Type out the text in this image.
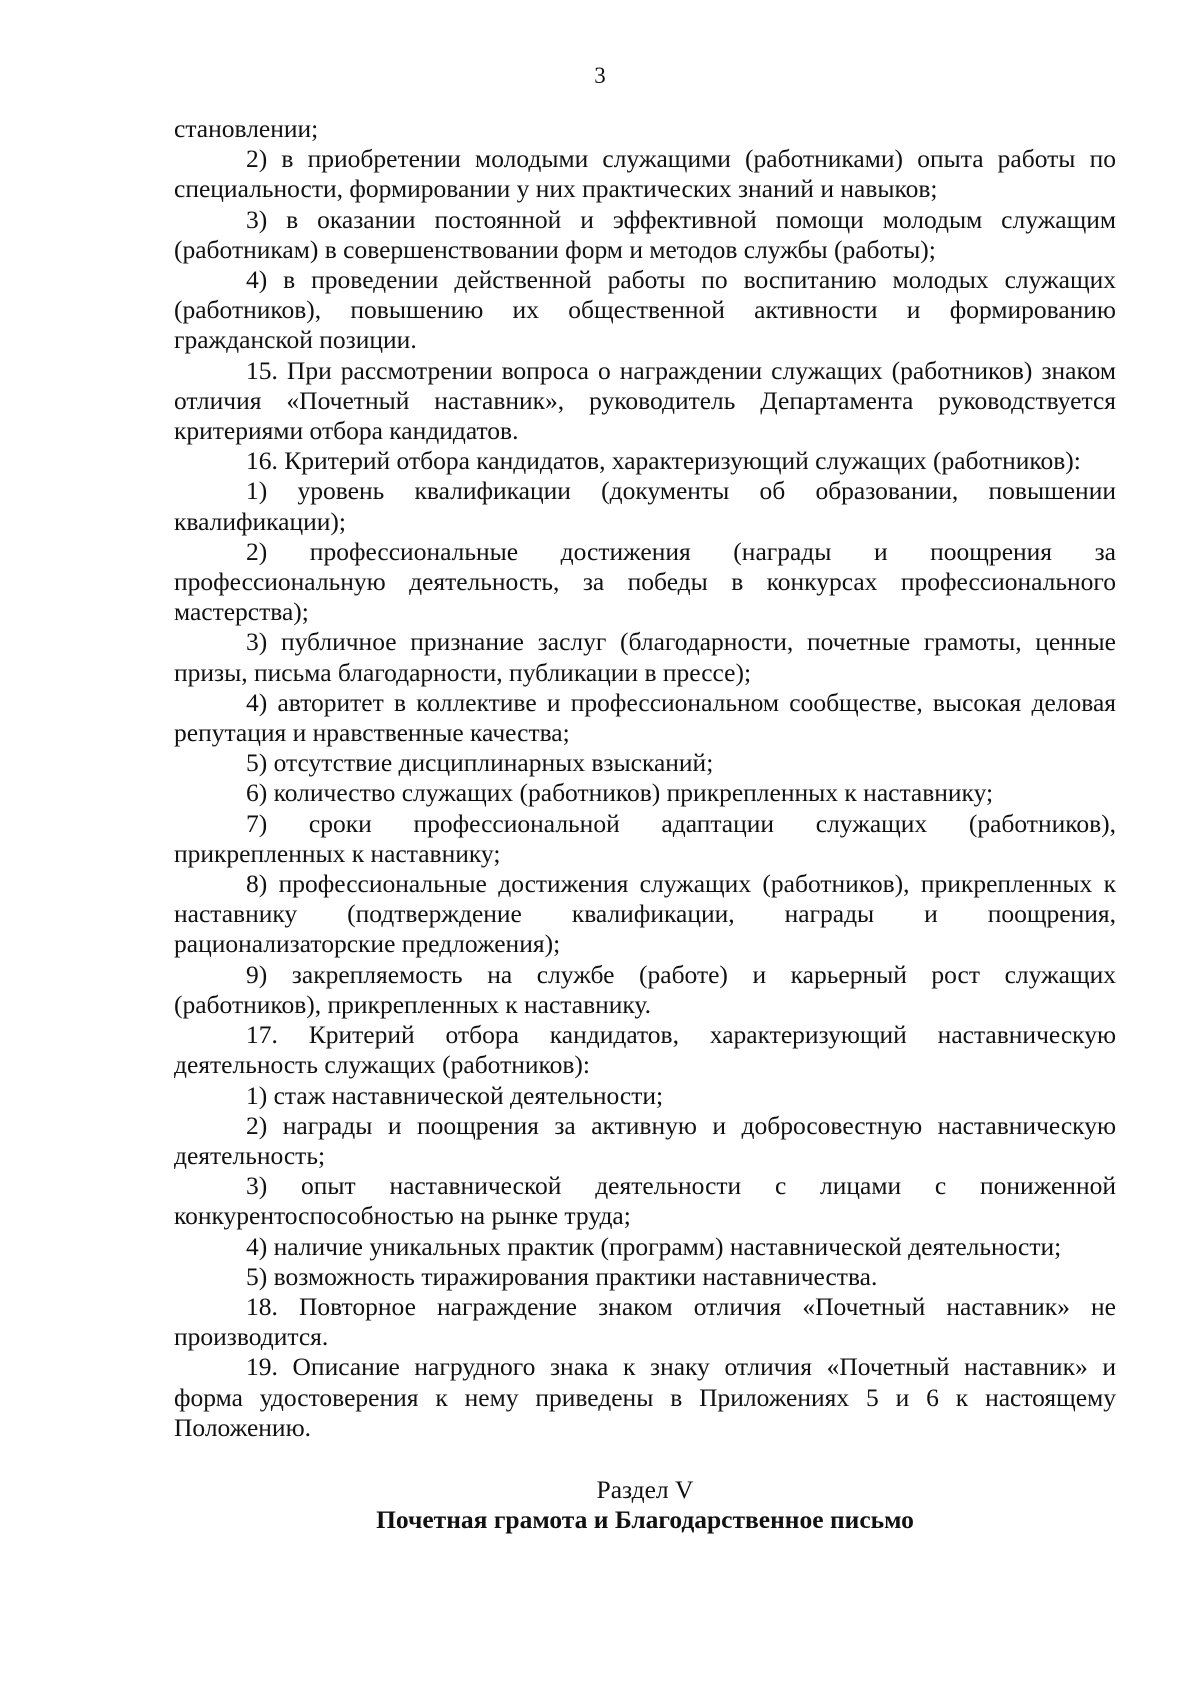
3

становлении;

2) в приобретении молодыми служащими (работниками) опыта работы по специальности, формировании у них практических знаний и навыков;

3) в оказании постоянной и эффективной помощи молодым служащим (работникам) в совершенствовании форм и методов службы (работы);

4) в проведении действенной работы по воспитанию молодых служащих (работников), повышению их общественной активности и формированию гражданской позиции.

15. При рассмотрении вопроса о награждении служащих (работников) знаком отличия «Почетный наставник», руководитель Департамента руководствуется критериями отбора кандидатов.

16. Критерий отбора кандидатов, характеризующий служащих (работников):

1) уровень квалификации (документы об образовании, повышении квалификации);

2) профессиональные достижения (награды и поощрения за профессиональную деятельность, за победы в конкурсах профессионального мастерства);

3) публичное признание заслуг (благодарности, почетные грамоты, ценные призы, письма благодарности, публикации в прессе);

4) авторитет в коллективе и профессиональном сообществе, высокая деловая репутация и нравственные качества;

5) отсутствие дисциплинарных взысканий;

6) количество служащих (работников) прикрепленных к наставнику;

7) сроки профессиональной адаптации служащих (работников), прикрепленных к наставнику;

8) профессиональные достижения служащих (работников), прикрепленных к наставнику (подтверждение квалификации, награды и поощрения, рационализаторские предложения);

9) закрепляемость на службе (работе) и карьерный рост служащих (работников), прикрепленных к наставнику.

17. Критерий отбора кандидатов, характеризующий наставническую деятельность служащих (работников):

1) стаж наставнической деятельности;

2) награды и поощрения за активную и добросовестную наставническую деятельность;

3) опыт наставнической деятельности с лицами с пониженной конкурентоспособностью на рынке труда;

4) наличие уникальных практик (программ) наставнической деятельности;

5) возможность тиражирования практики наставничества.

18. Повторное награждение знаком отличия «Почетный наставник» не производится.

19. Описание нагрудного знака к знаку отличия «Почетный наставник» и форма удостоверения к нему приведены в Приложениях 5 и 6 к настоящему Положению.

Раздел V
Почетная грамота и Благодарственное письмо
